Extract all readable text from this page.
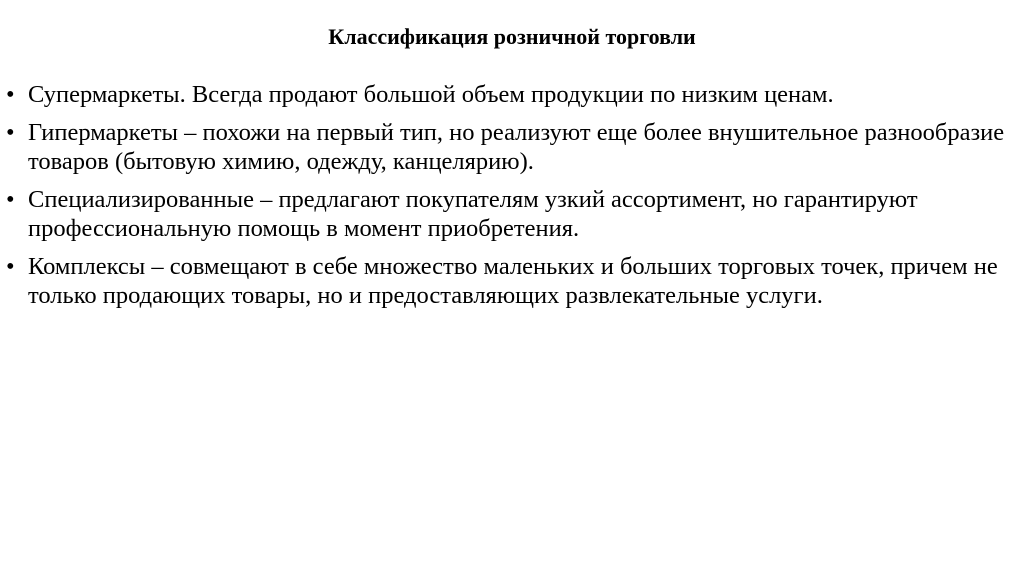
Классификация розничной торговли
• Супермаркеты. Всегда продают большой объем продукции по низким ценам.
• Гипермаркеты – похожи на первый тип, но реализуют еще более внушительное разнообразие товаров (бытовую химию, одежду, канцелярию).
• Специализированные – предлагают покупателям узкий ассортимент, но гарантируют профессиональную помощь в момент приобретения.
• Комплексы – совмещают в себе множество маленьких и больших торговых точек, причем не только продающих товары, но и предоставляющих развлекательные услуги.
